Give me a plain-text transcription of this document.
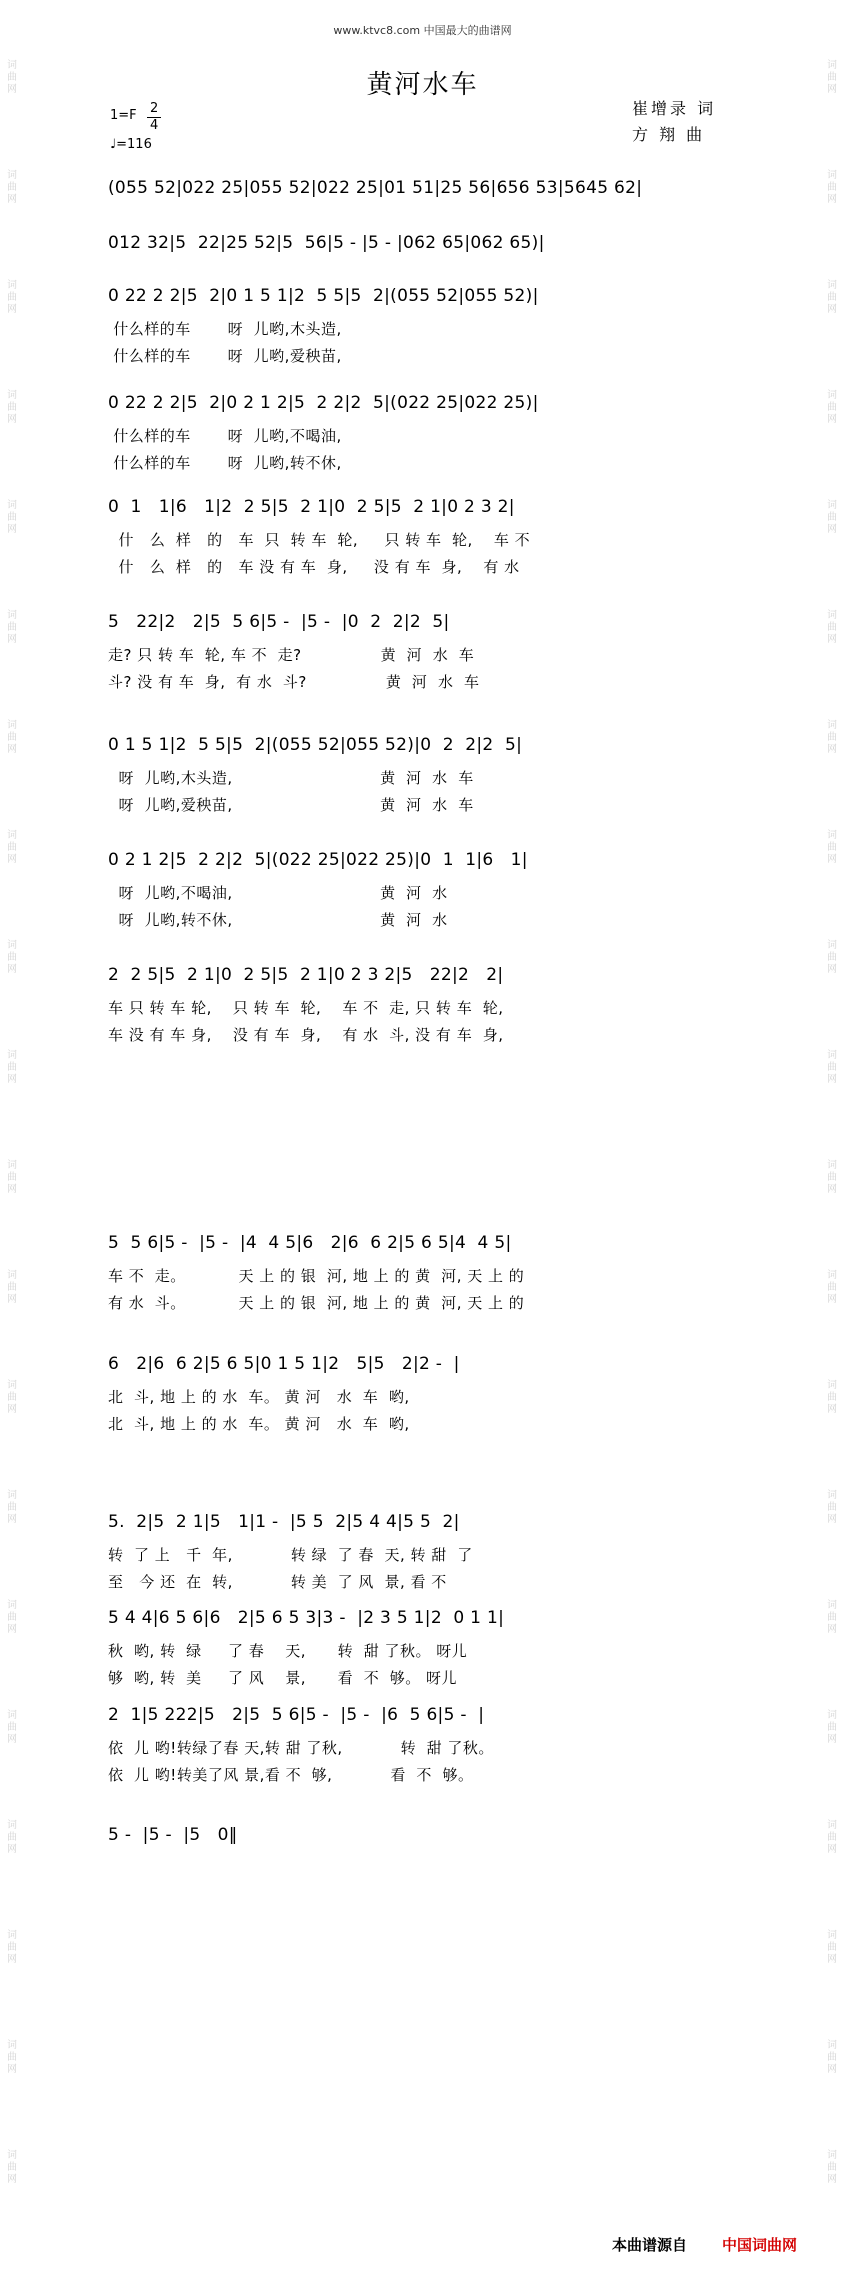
www.ktvc8.com 中国最大的曲谱网
黄河水车
崔增录 词
方 翔 曲
1=F 2
4
♩=116
词曲网
词曲网
词曲网
词曲网
词曲网
词曲网
词曲网
词曲网
词曲网
词曲网
词曲网
词曲网
词曲网
词曲网
词曲网
词曲网
词曲网
词曲网
词曲网
词曲网
词曲网
词曲网
词曲网
词曲网
词曲网
词曲网
词曲网
词曲网
词曲网
词曲网
词曲网
词曲网
词曲网
词曲网
词曲网
词曲网
词曲网
词曲网
词曲网
词曲网
(055 52|022 25|055 52|022 25|01 51|25 56|656 53|5645 62|
012 32|5  22|25 52|5  56|5 - |5 - |062 65|062 65)|
0 22 2 2|5  2|0 1 5 1|2  5 5|5  2|(055 52|055 52)|
什么样的车       呀  儿哟,木头造,
什么样的车       呀  儿哟,爱秧苗,
0 22 2 2|5  2|0 2 1 2|5  2 2|2  5|(022 25|022 25)|
什么样的车       呀  儿哟,不喝油,
什么样的车       呀  儿哟,转不休,
0  1   1|6   1|2  2 5|5  2 1|0  2 5|5  2 1|0 2 3 2|
什   么  样   的   车  只  转 车  轮,     只 转 车  轮,    车 不
什   么  样   的   车 没 有 车  身,     没 有 车  身,    有 水
5   22|2   2|5  5 6|5 -  |5 -  |0  2  2|2  5|
走? 只 转 车  轮, 车 不  走?               黄  河  水  车
斗? 没 有 车  身,  有 水  斗?               黄  河  水  车
0 1 5 1|2  5 5|5  2|(055 52|055 52)|0  2  2|2  5|
呀  儿哟,木头造,                            黄  河  水  车
呀  儿哟,爱秧苗,                            黄  河  水  车
0 2 1 2|5  2 2|2  5|(022 25|022 25)|0  1  1|6   1|
呀  儿哟,不喝油,                            黄  河  水
呀  儿哟,转不休,                            黄  河  水
2  2 5|5  2 1|0  2 5|5  2 1|0 2 3 2|5   22|2   2|
车 只 转 车 轮,    只 转 车  轮,    车 不  走, 只 转 车  轮,
车 没 有 车 身,    没 有 车  身,    有 水  斗, 没 有 车  身,
5  5 6|5 -  |5 -  |4  4 5|6   2|6  6 2|5 6 5|4  4 5|
车 不  走。          天 上 的 银  河, 地 上 的 黄  河, 天 上 的
有 水  斗。          天 上 的 银  河, 地 上 的 黄  河, 天 上 的
6   2|6  6 2|5 6 5|0 1 5 1|2   5|5   2|2 -  |
北  斗, 地 上 的 水  车。 黄 河   水  车  哟,
北  斗, 地 上 的 水  车。 黄 河   水  车  哟,
5.  2|5  2 1|5   1|1 -  |5 5  2|5 4 4|5 5  2|
转  了 上   千  年,           转 绿  了 春  天, 转 甜  了
至   今 还  在  转,           转 美  了 风  景, 看 不
5 4 4|6 5 6|6   2|5 6 5 3|3 -  |2 3 5 1|2  0 1 1|
秋  哟, 转  绿     了 春    天,      转  甜 了秋。 呀儿
够  哟, 转  美     了 风    景,      看  不  够。 呀儿
2  1|5 222|5   2|5  5 6|5 -  |5 -  |6  5 6|5 -  |
依  儿 哟!转绿了春 天,转 甜 了秋,           转  甜 了秋。
依  儿 哟!转美了风 景,看 不  够,           看  不  够。
5 -  |5 -  |5   0‖
本曲谱源自 中国词曲网
